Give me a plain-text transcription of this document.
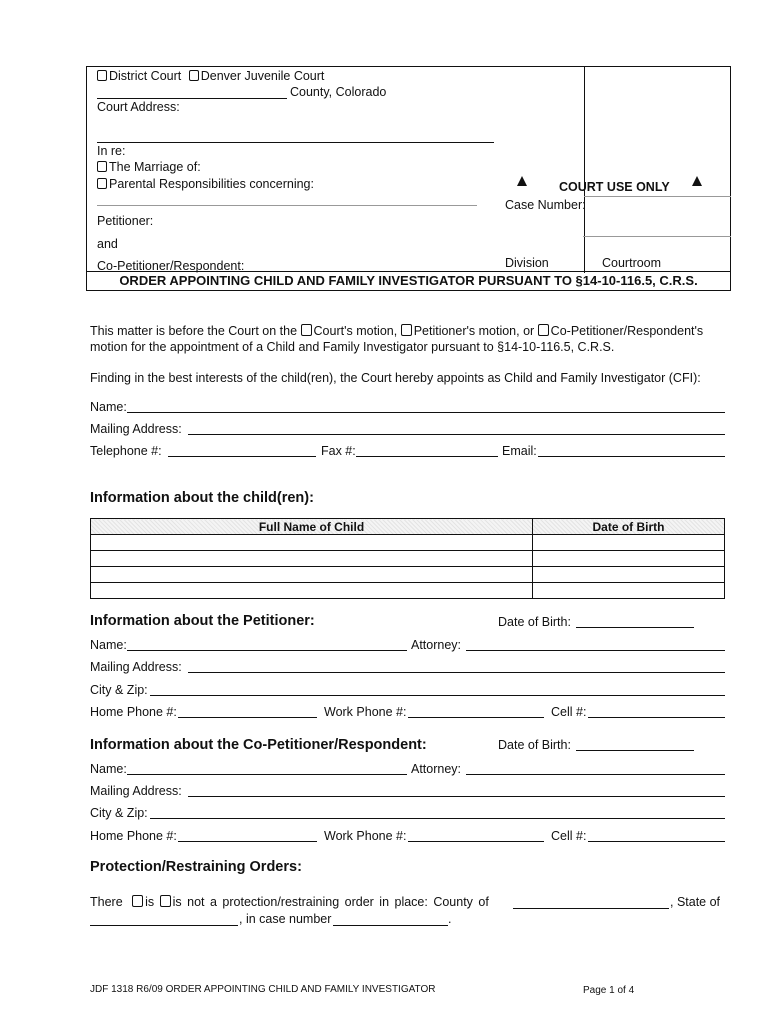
District Court Denver Juvenile Court
County, Colorado
Court Address:
In re:
The Marriage of:
Parental Responsibilities concerning:
Petitioner:
and
Co-Petitioner/Respondent:
COURT USE ONLY
Case Number:
Division	Courtroom
ORDER APPOINTING CHILD AND FAMILY INVESTIGATOR PURSUANT TO §14-10-116.5, C.R.S.
This matter is before the Court on the Court's motion, Petitioner's motion, or Co-Petitioner/Respondent's
motion for the appointment of a Child and Family Investigator pursuant to §14-10-116.5, C.R.S.
Finding in the best interests of the child(ren), the Court hereby appoints as Child and Family Investigator (CFI):
Name:
Mailing Address:
Telephone #:	Fax #:	Email:
Information about the child(ren):
Full Name of Child	Date of Birth

Information about the Petitioner:	Date of Birth:
Name:	Attorney:
Mailing Address:
City & Zip:
Home Phone #:	Work Phone #:	Cell #:
Information about the Co-Petitioner/Respondent:	Date of Birth:
Name:	Attorney:
Mailing Address:
City & Zip:
Home Phone #:	Work Phone #:	Cell #:
Protection/Restraining Orders:
There is is not a protection/restraining order in place: County of	, State of
, in case number	.
JDF 1318 R6/09 ORDER APPOINTING CHILD AND FAMILY INVESTIGATOR	Page 1 of 4
